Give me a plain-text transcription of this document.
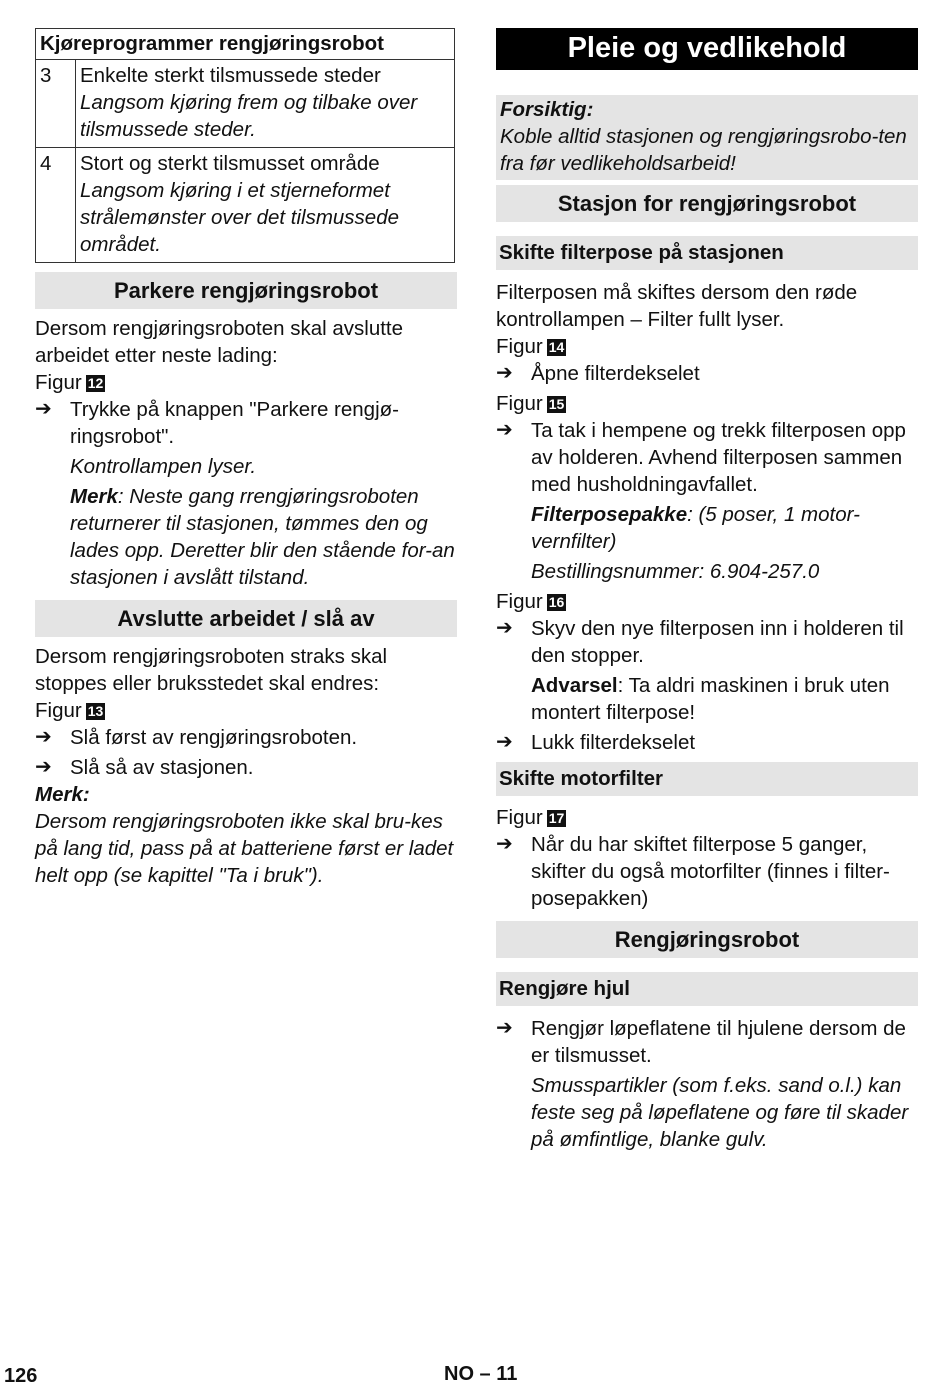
Kjøreprogrammer rengjøringsrobot	
3	Enkelte sterkt tilsmussede steder
Langsom kjøring frem og tilbake over tilsmussede steder.

4	Stort og sterkt tilsmusset område
Langsom kjøring i et stjerneformet strålemønster over det tilsmussede området.
Parkere rengjøringsrobot

Dersom rengjøringsroboten skal avslutte arbeidet etter neste lading:

Figur 12

➔ Trykke på knappen "Parkere rengjø-ringsrobot".

Kontrollampen lyser.

Merk: Neste gang rrengjøringsroboten returnerer til stasjonen, tømmes den og lades opp. Deretter blir den stående for-an stasjonen i avslått tilstand.

Avslutte arbeidet / slå av

Dersom rengjøringsroboten straks skal stoppes eller bruksstedet skal endres:

Figur 13

➔ Slå først av rengjøringsroboten.
➔ Slå så av stasjonen.

Merk:

Dersom rengjøringsroboten ikke skal bru-kes på lang tid, pass på at batteriene først er ladet helt opp (se kapittel "Ta i bruk").

Pleie og vedlikehold
Forsiktig:
Koble alltid stasjonen og rengjøringsrobo-ten fra før vedlikeholdsarbeid!
Stasjon for rengjøringsrobot
Skifte filterpose på stasjonen

Filterposen må skiftes dersom den røde kontrollampen – Filter fullt lyser.

Figur 14

➔ Åpne filterdekselet

Figur 15

➔ Ta tak i hempene og trekk filterposen opp av holderen. Avhend filterposen sammen med husholdningavfallet.

Filterposepakke: (5 poser, 1 motor-vernfilter)

Bestillingsnummer: 6.904-257.0

Figur 16

➔ Skyv den nye filterposen inn i holderen til den stopper.

Advarsel: Ta aldri maskinen i bruk uten montert filterpose!

➔ Lukk filterdekselet
Skifte motorfilter

Figur 17

➔ Når du har skiftet filterpose 5 ganger, skifter du også motorfilter (finnes i filter-posepakken)
Rengjøringsrobot
Rengjøre hjul
➔ Rengjør løpeflatene til hjulene dersom de er tilsmusset.

Smusspartikler (som f.eks. sand o.l.) kan feste seg på løpeflatene og føre til skader på ømfintlige, blanke gulv.

126	NO – 11
